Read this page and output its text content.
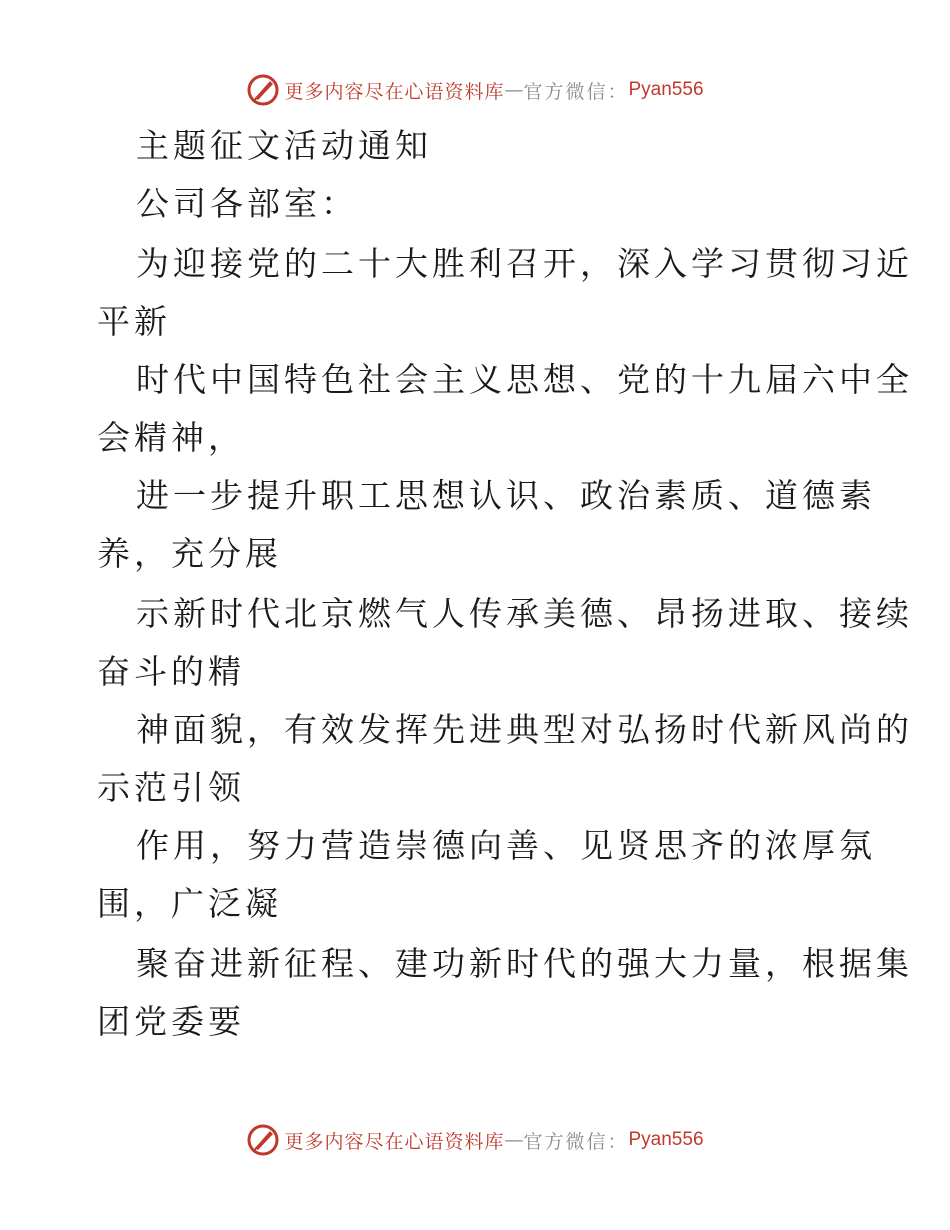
更多内容尽在心语资料库 — 官方微信： Pyan556
主题征文活动通知
公司各部室：
为迎接党的二十大胜利召开，深入学习贯彻习近
平新
时代中国特色社会主义思想、党的十九届六中全
会精神，
进一步提升职工思想认识、政治素质、道德素
养，充分展
示新时代北京燃气人传承美德、昂扬进取、接续
奋斗的精
神面貌，有效发挥先进典型对弘扬时代新风尚的
示范引领
作用，努力营造崇德向善、见贤思齐的浓厚氛
围，广泛凝
聚奋进新征程、建功新时代的强大力量，根据集
团党委要
更多内容尽在心语资料库 — 官方微信： Pyan556
